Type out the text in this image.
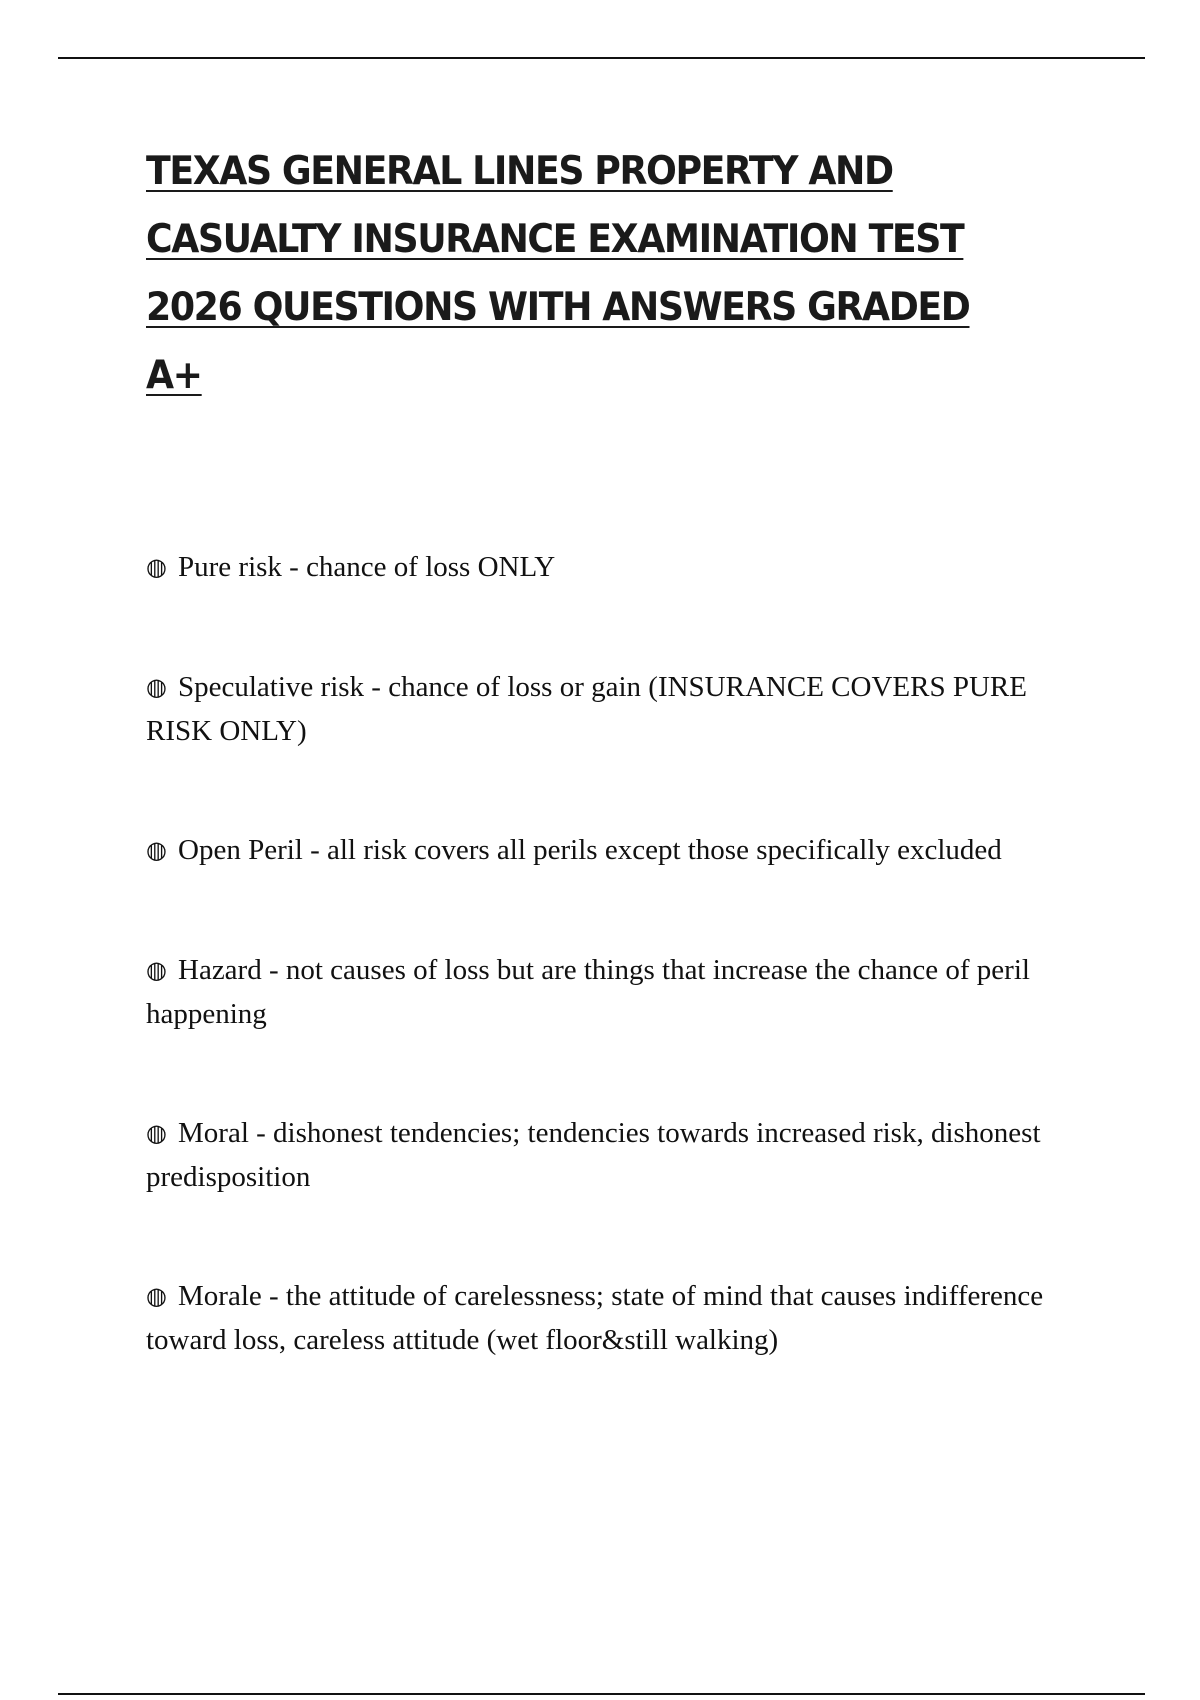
TEXAS GENERAL LINES PROPERTY AND CASUALTY INSURANCE EXAMINATION TEST 2026 QUESTIONS WITH ANSWERS GRADED A+
◍ Pure risk - chance of loss ONLY
◍ Speculative risk - chance of loss or gain (INSURANCE COVERS PURE RISK ONLY)
◍ Open Peril - all risk covers all perils except those specifically excluded
◍ Hazard - not causes of loss but are things that increase the chance of peril happening
◍ Moral - dishonest tendencies; tendencies towards increased risk, dishonest predisposition
◍ Morale - the attitude of carelessness; state of mind that causes indifference toward loss, careless attitude (wet floor&still walking)
